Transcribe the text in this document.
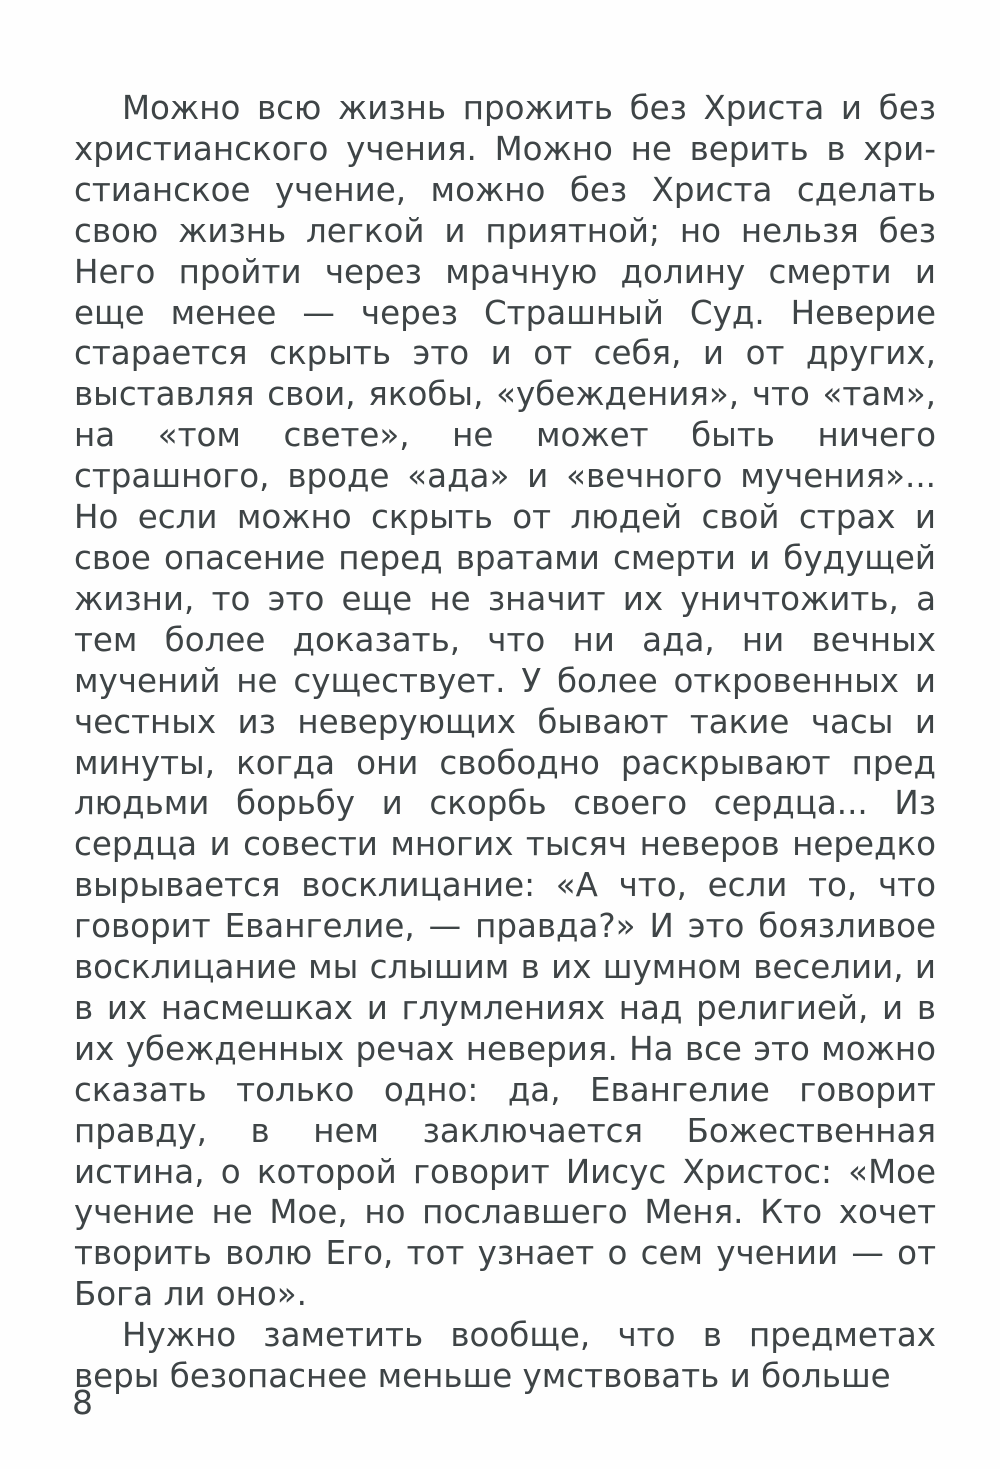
Можно всю жизнь прожить без Христа и без христианского учения. Можно не верить в христианское учение, можно без Христа сделать свою жизнь легкой и приятной; но нельзя без Него пройти через мрачную долину смерти и еще менее — через Страшный Суд. Неверие старается скрыть это и от себя, и от других, выставляя свои, якобы, «убеждения», что «там», на «том свете», не может быть ничего страшного, вроде «ада» и «вечного мучения»... Но если можно скрыть от людей свой страх и свое опасение перед вратами смерти и будущей жизни, то это еще не значит их уничтожить, а тем более доказать, что ни ада, ни вечных мучений не существует. У более откровенных и честных из неверующих бывают такие часы и минуты, когда они свободно раскрывают пред людьми борьбу и скорбь своего сердца... Из сердца и совести многих тысяч неверов нередко вырывается восклицание: «А что, если то, что говорит Евангелие, — правда?» И это боязливое восклицание мы слышим в их шумном веселии, и в их насмешках и глумлениях над религией, и в их убежденных речах неверия. На все это можно сказать только одно: да, Евангелие говорит правду, в нем заключается Божественная истина, о которой говорит Иисус Христос: «Мое учение не Мое, но пославшего Меня. Кто хочет творить волю Его, тот узнает о сем учении — от Бога ли оно».

Нужно заметить вообще, что в предметах веры безопаснее меньше умствовать и больше

8
